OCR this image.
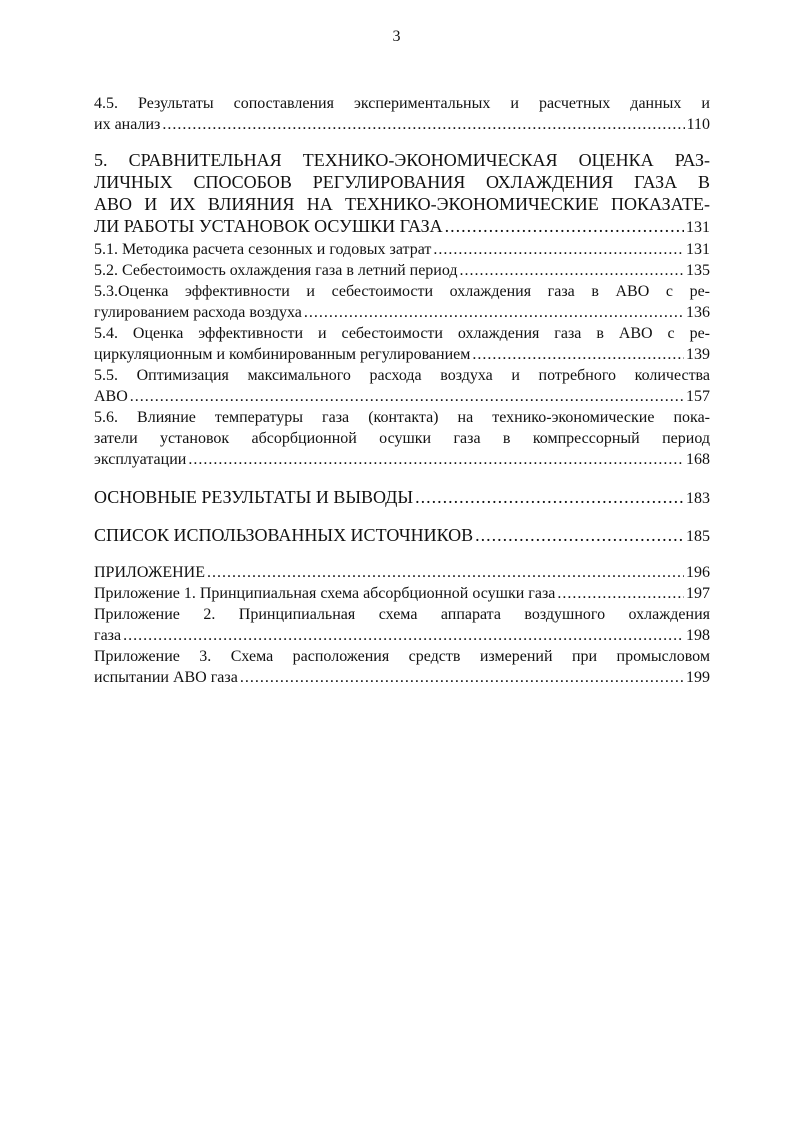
3
4.5. Результаты сопоставления экспериментальных и расчетных данных и
их анализ .....	110
5. СРАВНИТЕЛЬНАЯ ТЕХНИКО-ЭКОНОМИЧЕСКАЯ ОЦЕНКА РАЗ-
ЛИЧНЫХ СПОСОБОВ РЕГУЛИРОВАНИЯ ОХЛАЖДЕНИЯ ГАЗА В
АВО И ИХ ВЛИЯНИЯ НА ТЕХНИКО-ЭКОНОМИЧЕСКИЕ ПОКАЗАТЕ-
ЛИ РАБОТЫ УСТАНОВОК ОСУШКИ ГАЗА .....	131
5.1. Методика расчета сезонных и годовых затрат .....	131
5.2. Себестоимость охлаждения газа в летний период .....	135
5.3.Оценка эффективности и себестоимости охлаждения газа в АВО с ре-
гулированием расхода воздуха .....	136
5.4. Оценка эффективности и себестоимости охлаждения газа в АВО с ре-
циркуляционным и комбинированным регулированием .....	139
5.5. Оптимизация максимального расхода воздуха и потребного количества
АВО .....	157
5.6. Влияние температуры газа (контакта) на технико-экономические пока-
затели установок абсорбционной осушки газа в компрессорный период
эксплуатации .....	168
ОСНОВНЫЕ РЕЗУЛЬТАТЫ И ВЫВОДЫ .....	183
СПИСОК ИСПОЛЬЗОВАННЫХ ИСТОЧНИКОВ .....	185
ПРИЛОЖЕНИЕ .....	196
Приложение 1. Принципиальная схема абсорбционной осушки газа .....	197
Приложение 2. Принципиальная схема аппарата воздушного охлаждения
газа .....	198
Приложение 3. Схема расположения средств измерений при промысловом
испытании АВО газа .....	199
